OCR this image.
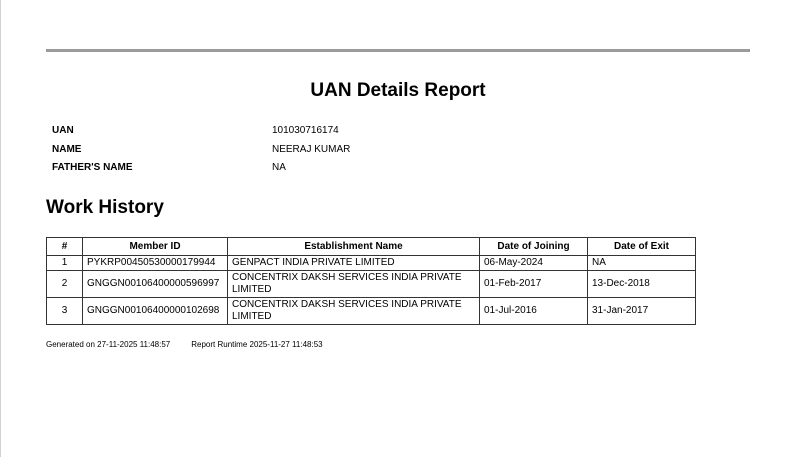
UAN Details Report
UAN	101030716174
NAME	NEERAJ KUMAR
FATHER'S NAME	NA
Work History
#	Member ID	Establishment Name	Date of Joining	Date of Exit
1	PYKRP00450530000179944	GENPACT INDIA PRIVATE LIMITED	06-May-2024	NA
2	GNGGN00106400000596997	CONCENTRIX DAKSH SERVICES INDIA PRIVATE LIMITED	01-Feb-2017	13-Dec-2018
3	GNGGN00106400000102698	CONCENTRIX DAKSH SERVICES INDIA PRIVATE LIMITED	01-Jul-2016	31-Jan-2017
Generated on 27-11-2025 11:48:57	Report Runtime 2025-11-27 11:48:53
